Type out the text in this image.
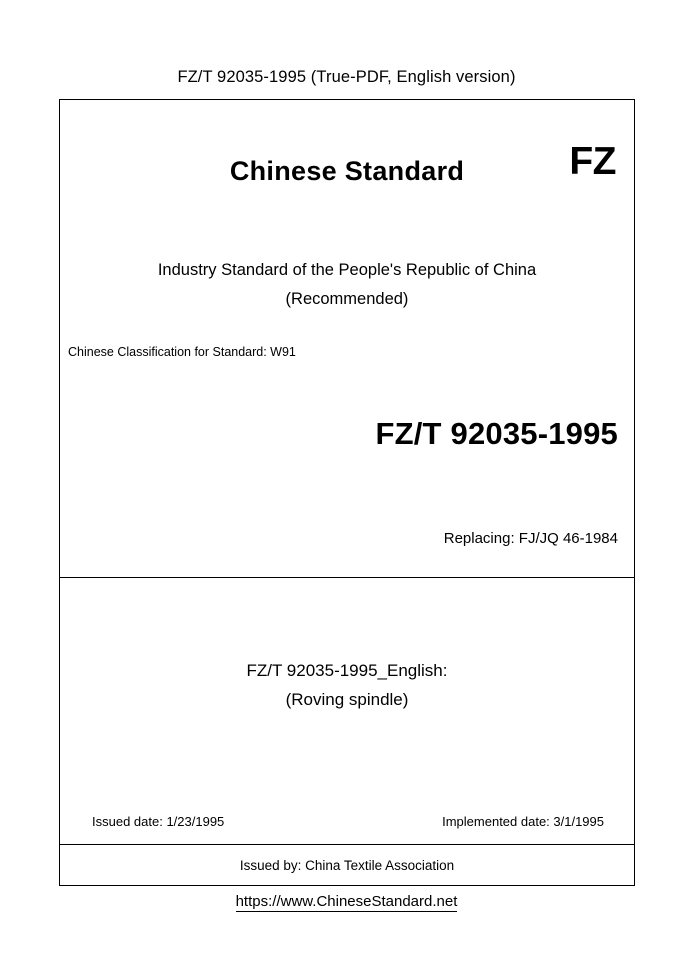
FZ/T 92035-1995 (True-PDF, English version)
Chinese Standard	FZ
Industry Standard of the People's Republic of China
(Recommended)
Chinese Classification for Standard: W91
FZ/T 92035-1995
Replacing: FJ/JQ 46-1984
FZ/T 92035-1995_English:
(Roving spindle)
Issued date: 1/23/1995	Implemented date: 3/1/1995
Issued by: China Textile Association
https://www.ChineseStandard.net
